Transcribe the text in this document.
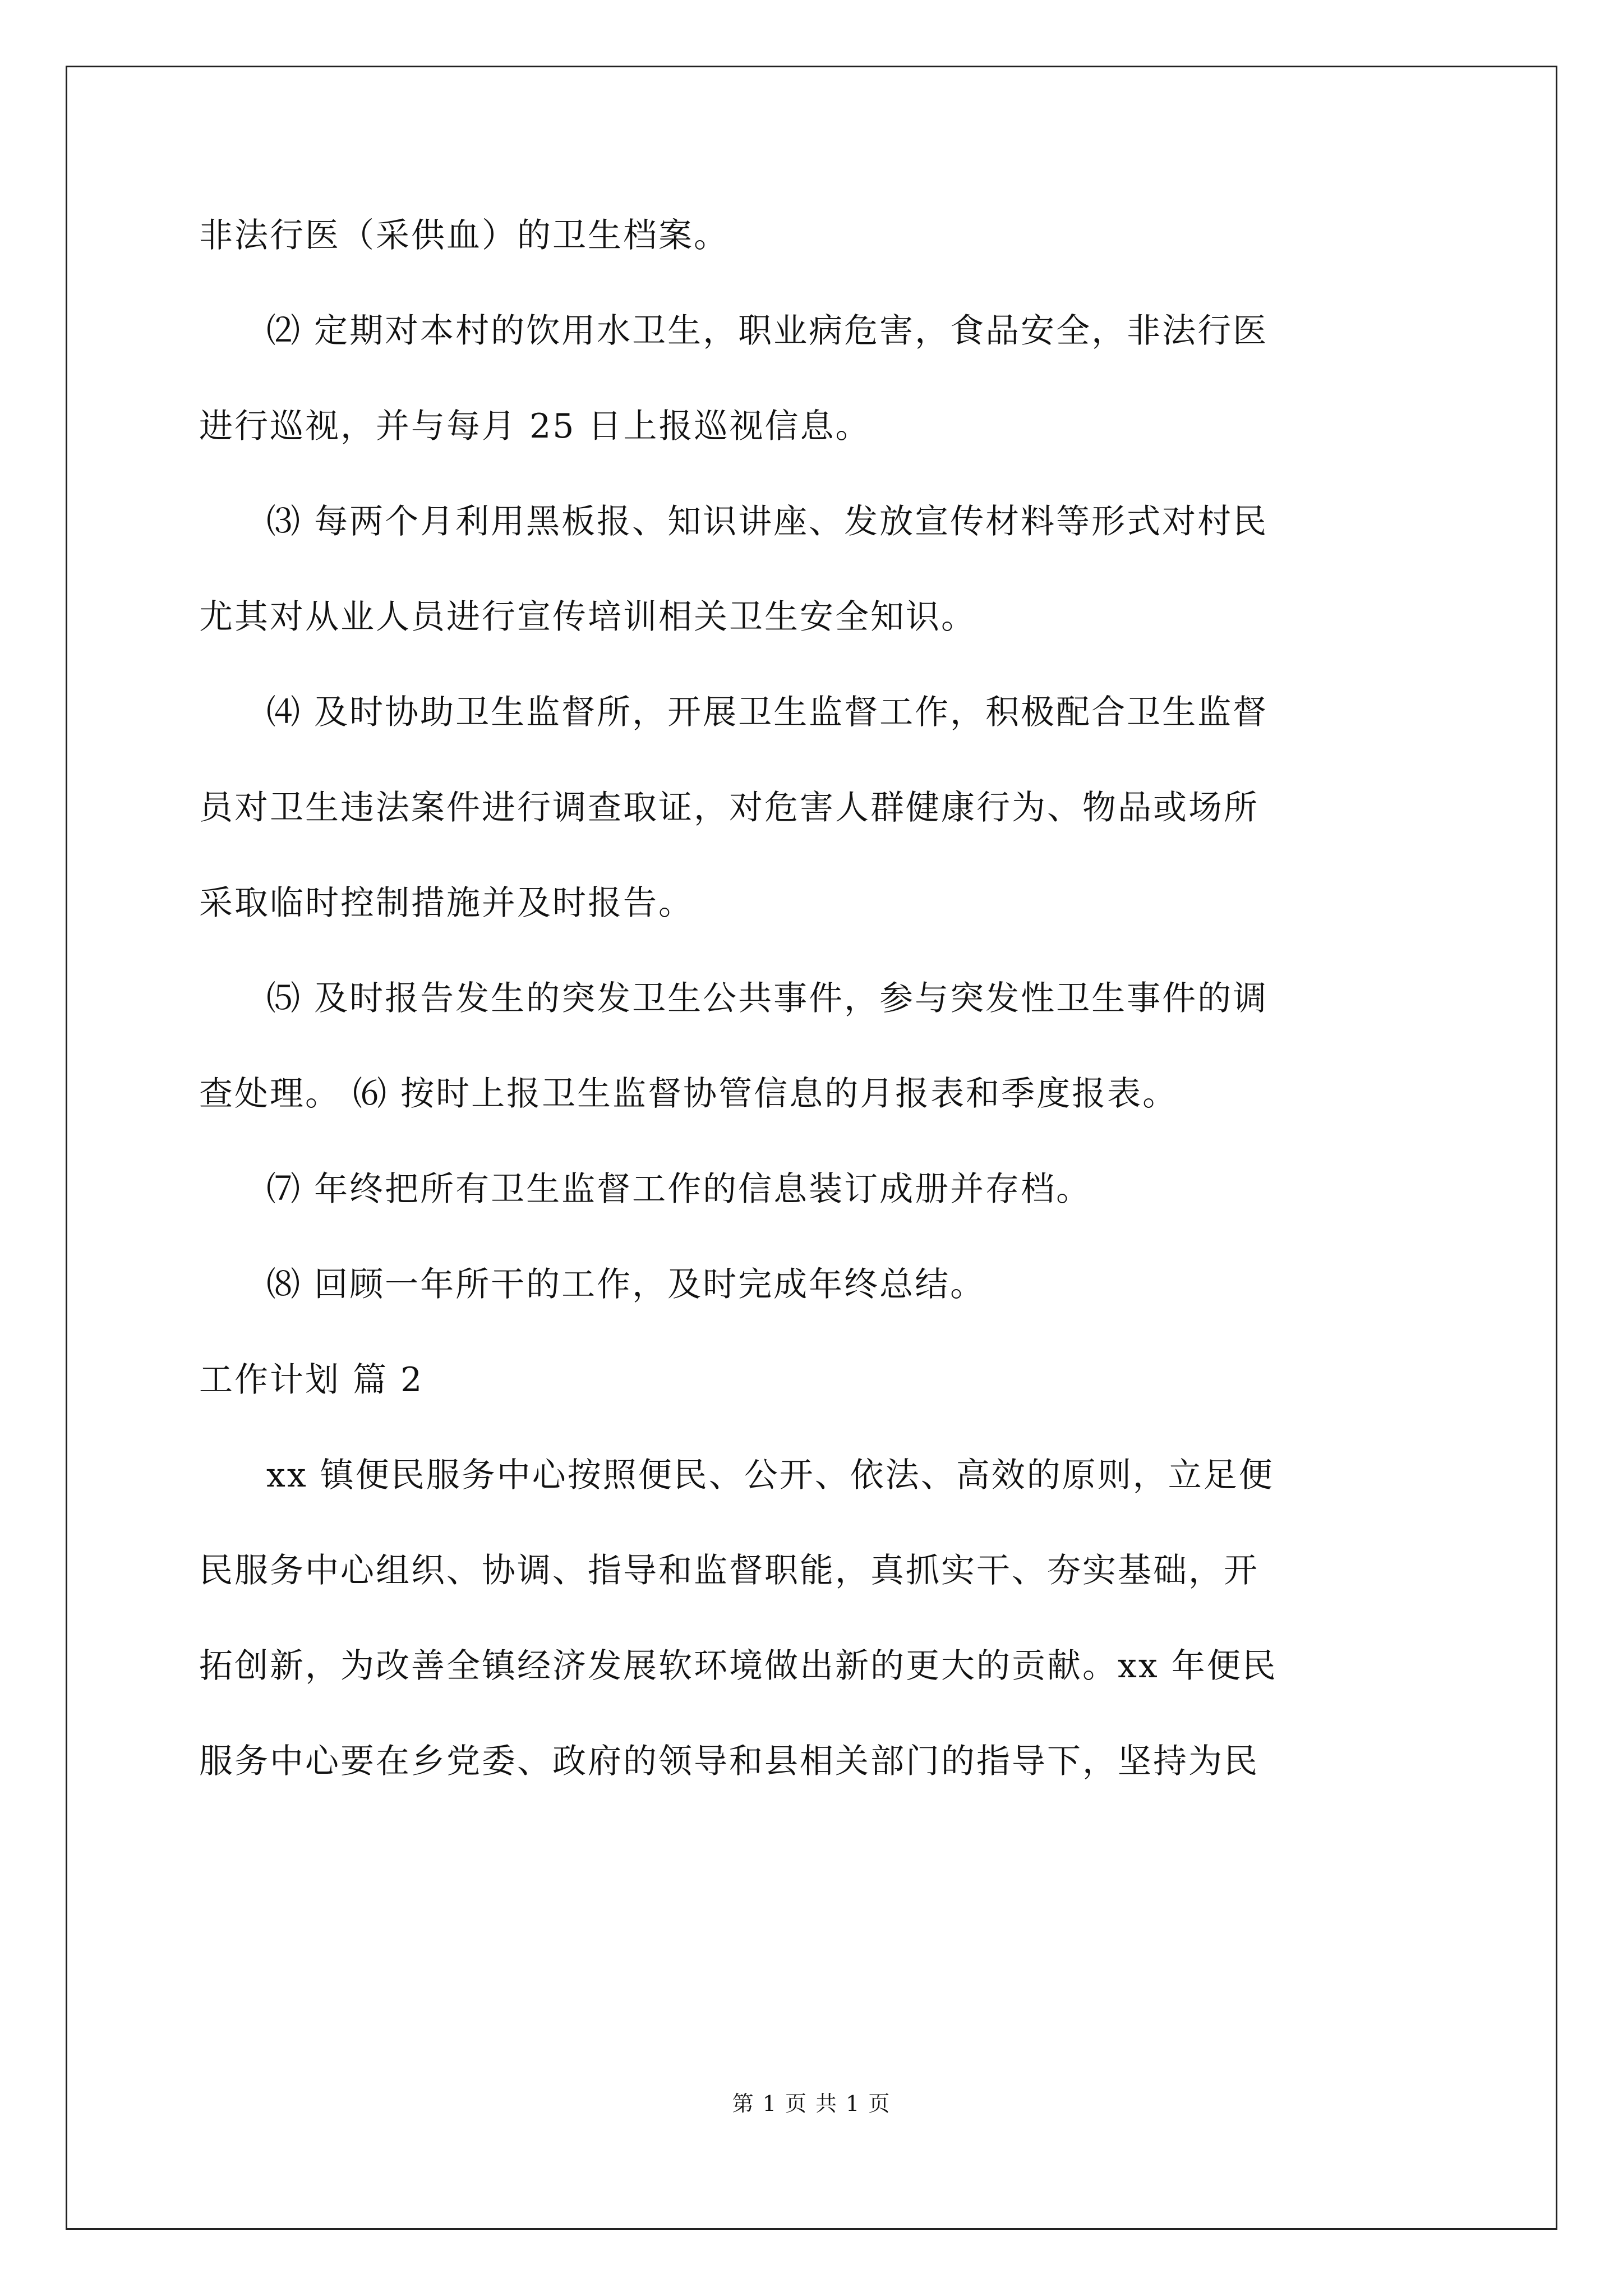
非法行医（采供血）的卫生档案。
⑵ 定期对本村的饮用水卫生，职业病危害，食品安全，非法行医
进行巡视，并与每月 25 日上报巡视信息。
⑶ 每两个月利用黑板报、知识讲座、发放宣传材料等形式对村民
尤其对从业人员进行宣传培训相关卫生安全知识。
⑷ 及时协助卫生监督所，开展卫生监督工作，积极配合卫生监督
员对卫生违法案件进行调查取证，对危害人群健康行为、物品或场所
采取临时控制措施并及时报告。
⑸ 及时报告发生的突发卫生公共事件，参与突发性卫生事件的调
查处理。 ⑹ 按时上报卫生监督协管信息的月报表和季度报表。
⑺ 年终把所有卫生监督工作的信息装订成册并存档。
⑻ 回顾一年所干的工作，及时完成年终总结。
工作计划 篇 2
xx 镇便民服务中心按照便民、公开、依法、高效的原则，立足便
民服务中心组织、协调、指导和监督职能，真抓实干、夯实基础，开
拓创新，为改善全镇经济发展软环境做出新的更大的贡献。xx 年便民
服务中心要在乡党委、政府的领导和县相关部门的指导下，坚持为民
第 1 页 共 1 页
